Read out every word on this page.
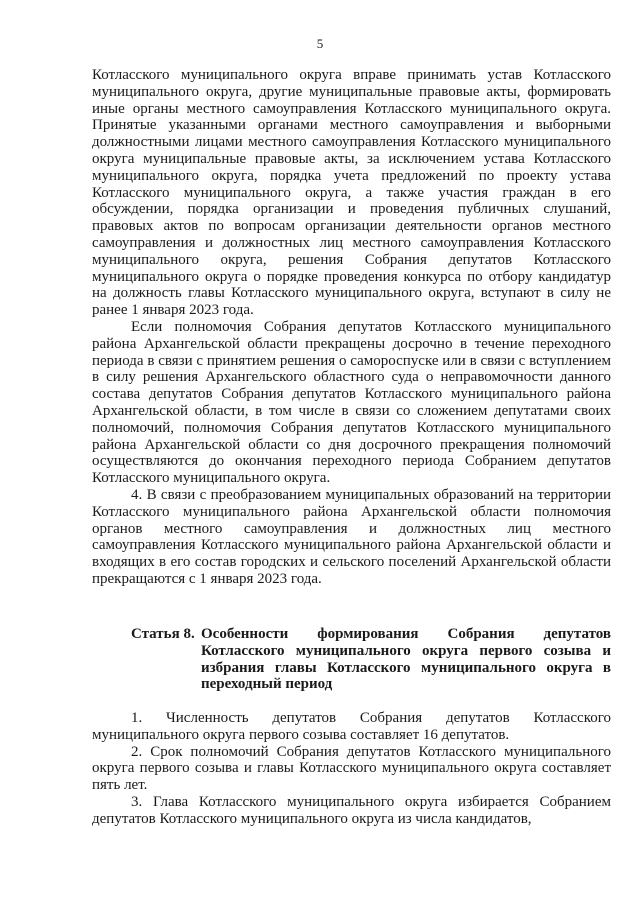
5

Котласского муниципального округа вправе принимать устав Котласского муниципального округа, другие муниципальные правовые акты, формировать иные органы местного самоуправления Котласского муниципального округа. Принятые указанными органами местного самоуправления и выборными должностными лицами местного самоуправления Котласского муниципального округа муниципальные правовые акты, за исключением устава Котласского муниципального округа, порядка учета предложений по проекту устава Котласского муниципального округа, а также участия граждан в его обсуждении, порядка организации и проведения публичных слушаний, правовых актов по вопросам организации деятельности органов местного самоуправления и должностных лиц местного самоуправления Котласского муниципального округа, решения Собрания депутатов Котласского муниципального округа о порядке проведения конкурса по отбору кандидатур на должность главы Котласского муниципального округа, вступают в силу не ранее 1 января 2023 года.

Если полномочия Собрания депутатов Котласского муниципального района Архангельской области прекращены досрочно в течение переходного периода в связи с принятием решения о самороспуске или в связи с вступлением в силу решения Архангельского областного суда о неправомочности данного состава депутатов Собрания депутатов Котласского муниципального района Архангельской области, в том числе в связи со сложением депутатами своих полномочий, полномочия Собрания депутатов Котласского муниципального района Архангельской области со дня досрочного прекращения полномочий осуществляются до окончания переходного периода Собранием депутатов Котласского муниципального округа.

4. В связи с преобразованием муниципальных образований на территории Котласского муниципального района Архангельской области полномочия органов местного самоуправления и должностных лиц местного самоуправления Котласского муниципального района Архангельской области и входящих в его состав городских и сельского поселений Архангельской области прекращаются с 1 января 2023 года.

Статья 8. Особенности формирования Собрания депутатов Котласского муниципального округа первого созыва и избрания главы Котласского муниципального округа в переходный период

1. Численность депутатов Собрания депутатов Котласского муниципального округа первого созыва составляет 16 депутатов.

2. Срок полномочий Собрания депутатов Котласского муниципального округа первого созыва и главы Котласского муниципального округа составляет пять лет.

3. Глава Котласского муниципального округа избирается Собранием депутатов Котласского муниципального округа из числа кандидатов,
